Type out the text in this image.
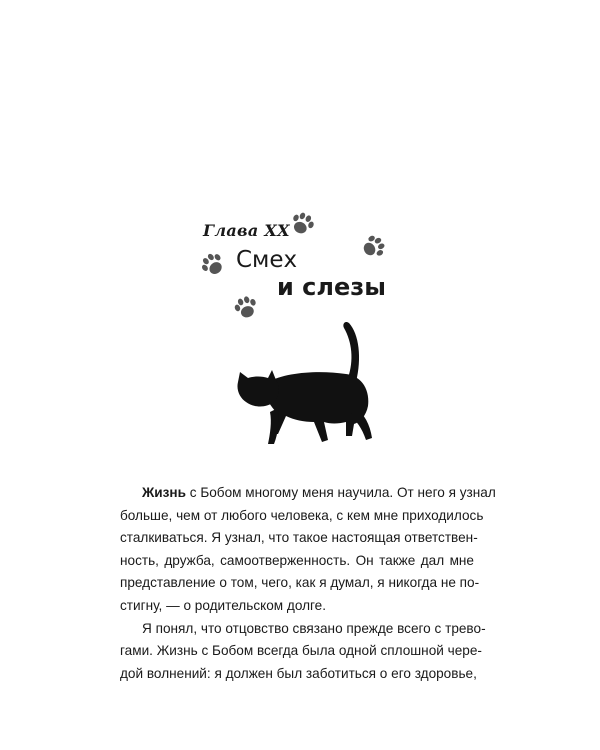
Глава XX
Смех
и слезы
Жизнь с Бобом многому меня научила. От него я узнал
больше, чем от любого человека, с кем мне приходилось
сталкиваться. Я узнал, что такое настоящая ответствен-
ность, дружба, самоотверженность. Он также дал мне
представление о том, чего, как я думал, я никогда не по-
стигну, — о родительском долге.
Я понял, что отцовство связано прежде всего с трево-
гами. Жизнь с Бобом всегда была одной сплошной чере-
дой волнений: я должен был заботиться о его здоровье,
